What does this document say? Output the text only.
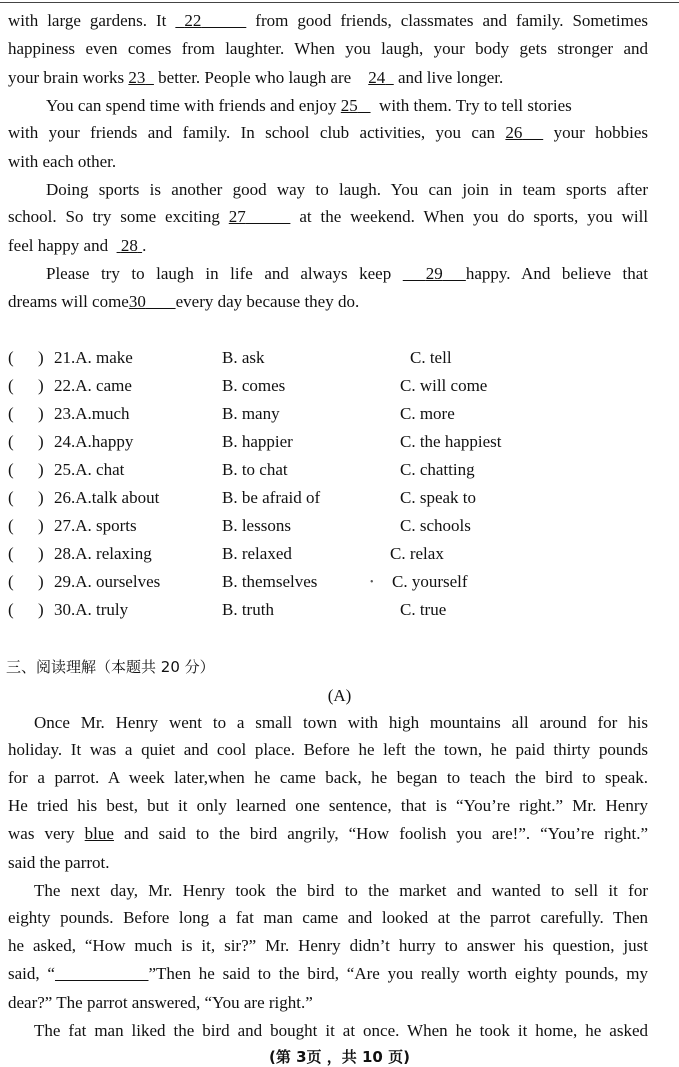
with large gardens. It 22	from good friends, classmates and family. Sometimes
happiness even comes from laughter. When you laugh, your body gets stronger and
your brain works 23 better. People who laugh are 24 and live longer.
You can spend time with friends and enjoy 25 with them. Try to tell stories
with your friends and family. In school club activities, you can 26 your hobbies
with each other.
Doing sports is another good way to laugh. You can join in team sports after
school. So try some exciting 27	at the weekend. When you do sports, you will
feel happy and 28 .
Please try to laugh in life and always keep 29 happy. And believe that
dreams will come30 every day because they do.
( ) 21.A. make	B. ask	C. tell
( ) 22.A. came	B. comes	C. will come
( ) 23.A.much	B. many	C. more
( ) 24.A.happy	B. happier	C. the happiest
( ) 25.A. chat	B. to chat	C. chatting
( ) 26.A.talk about	B. be afraid of	C. speak to
( ) 27.A. sports	B. lessons	C. schools
( ) 28.A. relaxing	B. relaxed	C. relax
( ) 29.A. ourselves	B. themselves	C. yourself
( ) 30.A. truly	B. truth	C. true
•
三、阅读理解（本题共 20 分）
(A)
Once Mr. Henry went to a small town with high mountains all around for his
holiday. It was a quiet and cool place. Before he left the town, he paid thirty pounds
for a parrot. A week later,when he came back, he began to teach the bird to speak.
He tried his best, but it only learned one sentence, that is “You’re right.” Mr. Henry
was very blue and said to the bird angrily, “How foolish you are!”. “You’re right.”
said the parrot.
The next day, Mr. Henry took the bird to the market and wanted to sell it for
eighty pounds. Before long a fat man came and looked at the parrot carefully. Then
he asked, “How much is it, sir?” Mr. Henry didn’t hurry to answer his question, just
said, “	”Then he said to the bird, “Are you really worth eighty pounds, my
dear?” The parrot answered, “You are right.”
The fat man liked the bird and bought it at once. When he took it home, he asked
(第 3页 ，共 10 页)
